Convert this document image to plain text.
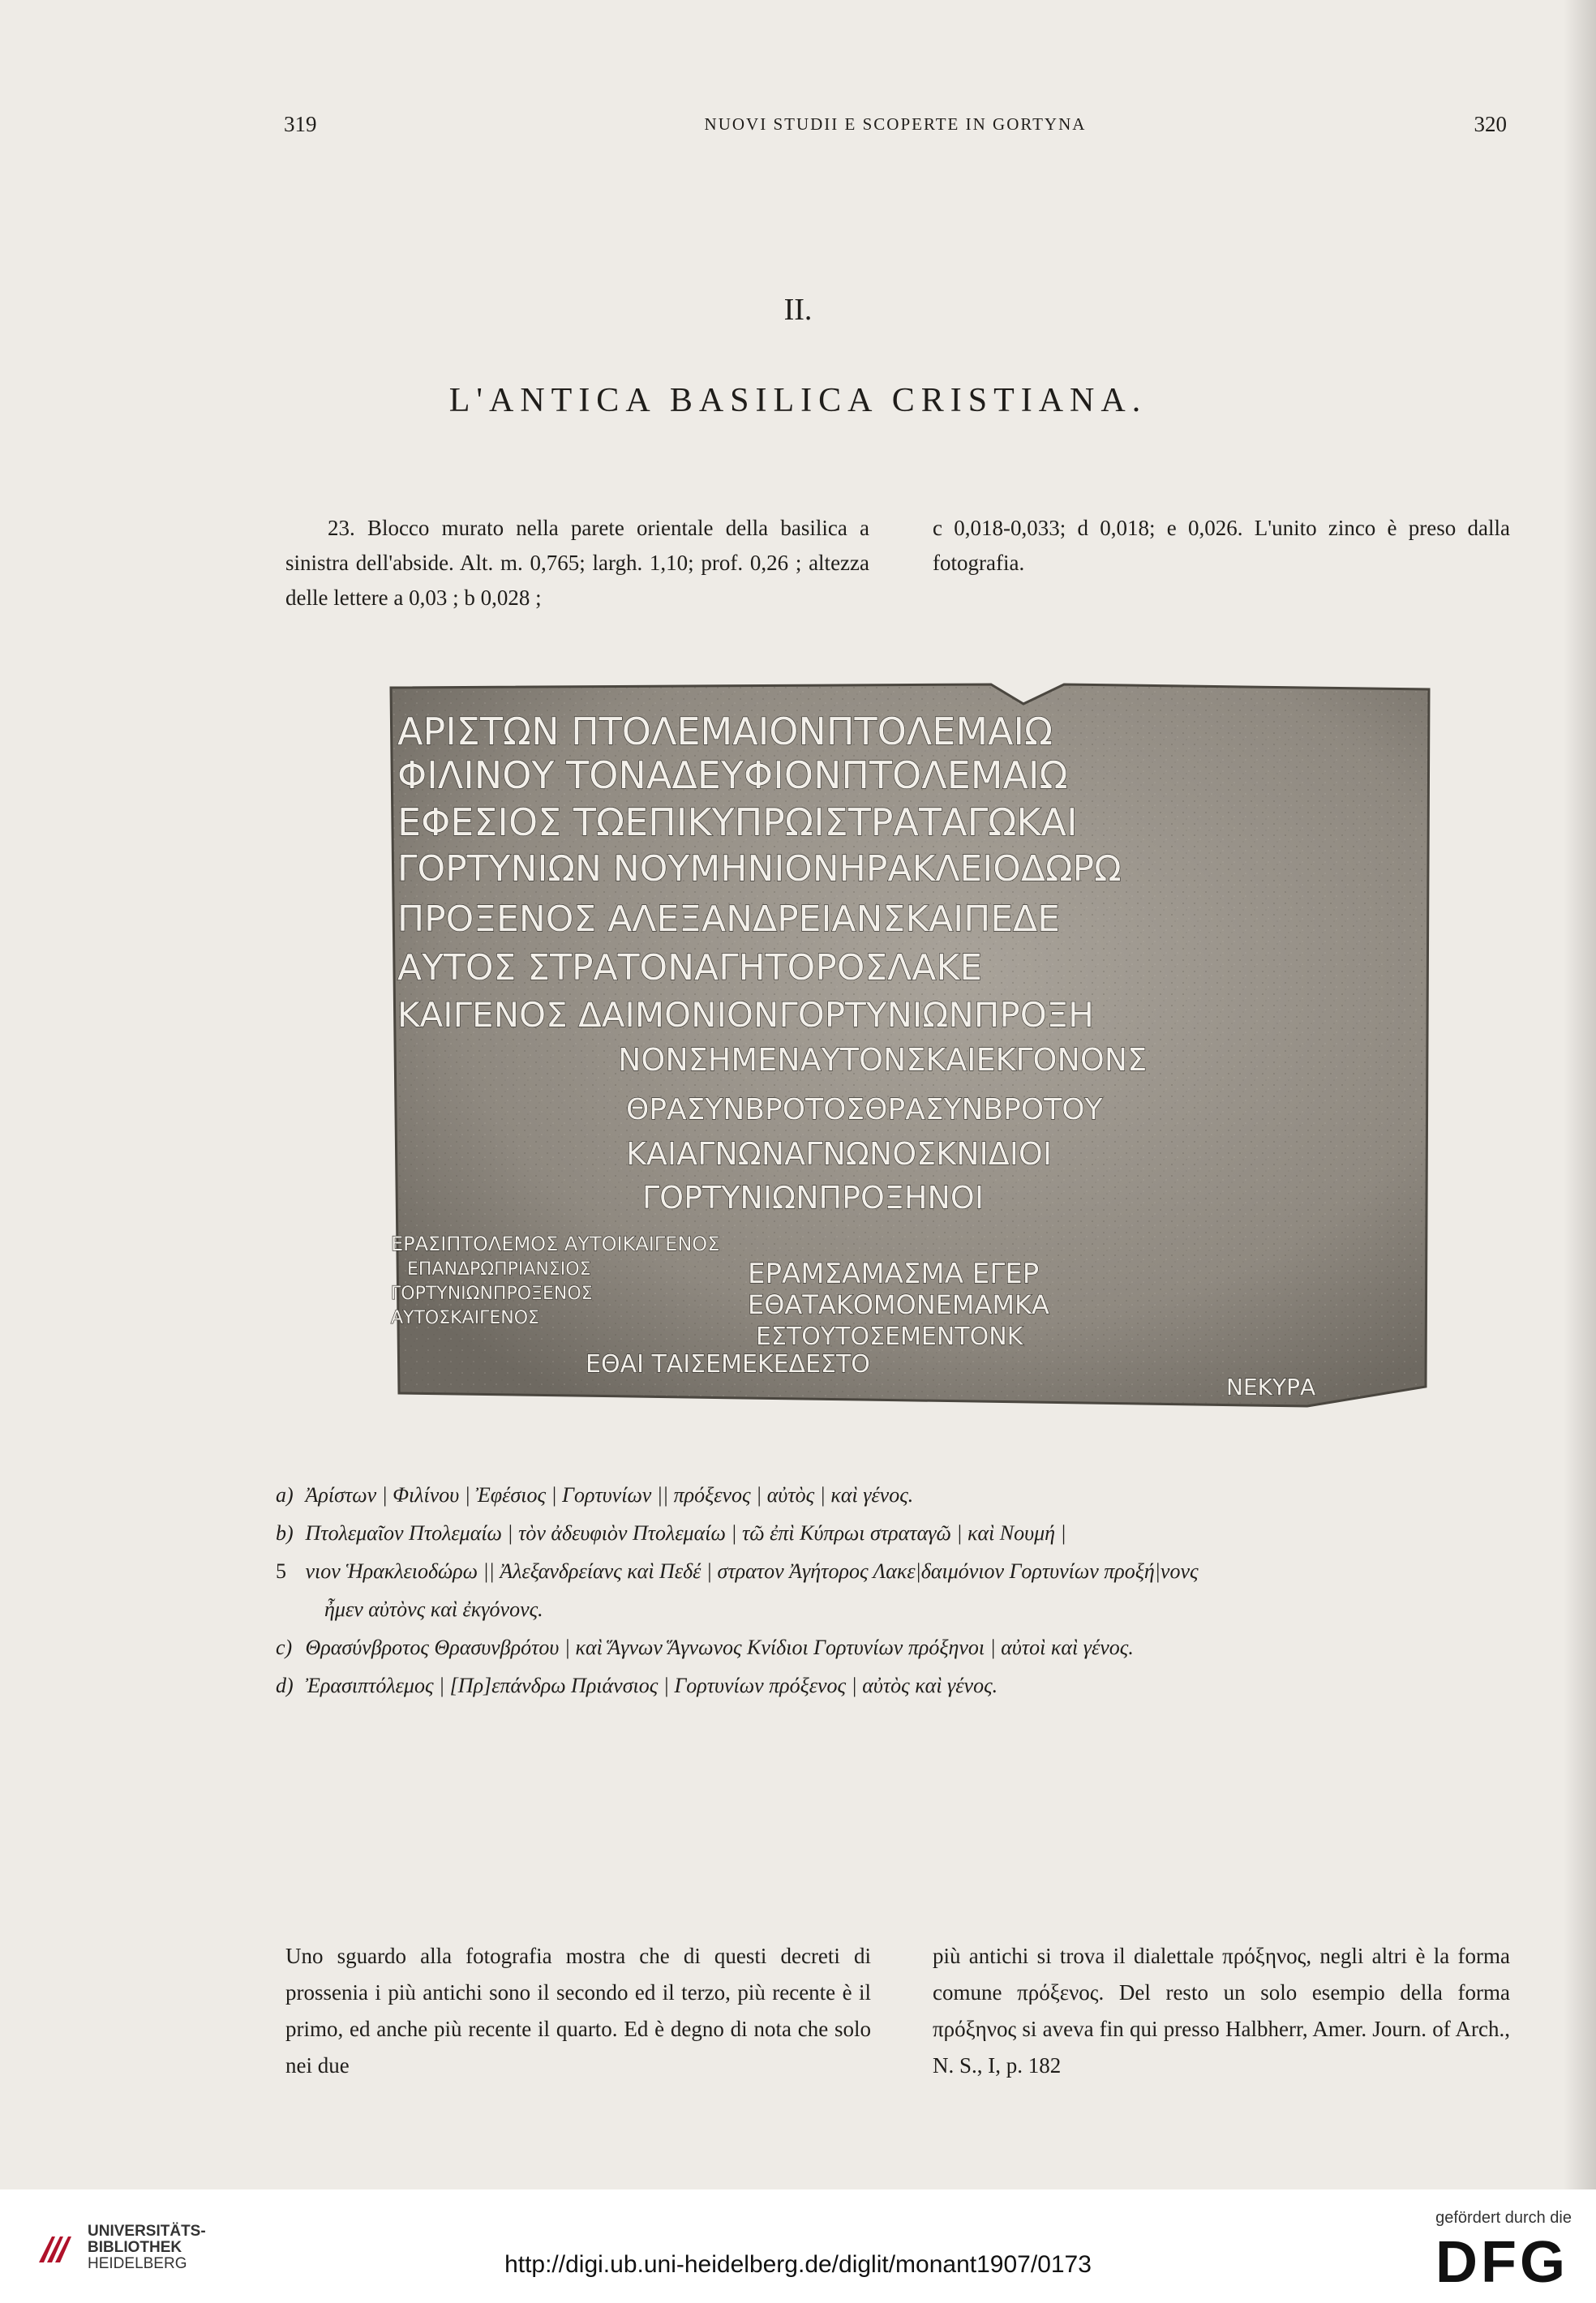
319	NUOVI STUDII E SCOPERTE IN GORTYNA	320
II.
L'ANTICA BASILICA CRISTIANA.

23. Blocco murato nella parete orientale della basilica a sinistra dell'abside. Alt. m. 0,765; largh. 1,10; prof. 0,26 ; altezza delle lettere a 0,03 ; b 0,028 ;

c 0,018-0,033; d 0,018; e 0,026. L'unito zinco è preso dalla fotografia.

ΑΡΙΣΤΩΝ ΠΤΟΛΕΜΑΙΟΝΠΤΟΛΕΜΑΙΩ
ΦΙΛΙΝΟΥ ΤΟΝΑΔΕΥΦΙΟΝΠΤΟΛΕΜΑΙΩ
ΕΦΕΣΙΟΣ ΤΩΕΠΙΚΥΠΡΩΙΣΤΡΑΤΑΓΩΚΑΙ
ΓΟΡΤΥΝΙΩΝ ΝΟΥΜΗΝΙΟΝΗΡΑΚΛΕΙΟΔΩΡΩ
ΠΡΟΞΕΝΟΣ ΑΛΕΞΑΝΔΡΕΙΑΝΣΚΑΙΠΕΔΕ
ΑΥΤΟΣ ΣΤΡΑΤΟΝΑΓΗΤΟΡΟΣΛΑΚΕ
ΚΑΙΓΕΝΟΣ ΔΑΙΜΟΝΙΟΝΓΟΡΤΥΝΙΩΝΠΡΟΞΗ
ΝΟΝΣΗΜΕΝΑΥΤΟΝΣΚΑΙΕΚΓΟΝΟΝΣ
ΘΡΑΣΥΝΒΡΟΤΟΣΘΡΑΣΥΝΒΡΟΤΟΥ
ΚΑΙΑΓΝΩΝΑΓΝΩΝΟΣΚΝΙΔΙΟΙ
ΓΟΡΤΥΝΙΩΝΠΡΟΞΗΝΟΙ
ΕΡΑΣΙΠΤΟΛΕΜΟΣ ΑΥΤΟΙΚΑΙΓΕΝΟΣ
ΕΠΑΝΔΡΩΠΡΙΑΝΣΙΟΣ
ΓΟΡΤΥΝΙΩΝΠΡΟΞΕΝΟΣ
ΑΥΤΟΣΚΑΙΓΕΝΟΣ
ΕΡΑΜΣΑΜΑΣΜΑ ΕΓΕΡ
ΕΘΑΤΑΚΟΜΟΝΕΜΑΜΚΑ
ΕΣΤΟΥΤΟΣΕΜΕΝΤΟΝΚ
ΕΘΑΙ ΤΑΙΣΕΜΕΚΕΔΕΣΤΟ
ΝΕΚΥΡΑ
a) Ἀρίστων | Φιλίνου | Ἐφέσιος | Γορτυνίων || πρόξενος | αὐτὸς | καὶ γένος.
b) Πτολεμαῖον Πτολεμαίω | τὸν ἀδευφιὸν Πτολεμαίω | τῶ ἐπὶ Κύπρωι στραταγῶ | καὶ Νουμή |
5 νιον Ἡρακλειοδώρω || Ἀλεξανδρείανς καὶ Πεδέ | στρατον Ἀγήτορος Λακε|δαιμόνιον Γορτυνίων προξή|νονς
ἦμεν αὐτὸνς καὶ ἐκγόνονς.
c) Θρασύνβροτος Θρασυνβρότου | καὶ Ἅγνων Ἅγνωνος Κνίδιοι Γορτυνίων πρόξηνοι | αὐτοὶ καὶ γένος.
d) Ἐρασιπτόλεμος | [Πρ]επάνδρω Πριάνσιος | Γορτυνίων πρόξενος | αὐτὸς καὶ γένος.

Uno sguardo alla fotografia mostra che di questi decreti di prossenia i più antichi sono il secondo ed il terzo, più recente è il primo, ed anche più recente il quarto. Ed è degno di nota che solo nei due

più antichi si trova il dialettale πρόξηνος, negli altri è la forma comune πρόξενος. Del resto un solo esempio della forma πρόξηνος si aveva fin qui presso Halbherr, Amer. Journ. of Arch., N. S., I, p. 182

UNIVERSITÄTS-
BIBLIOTHEK
HEIDELBERG	http://digi.ub.uni-heidelberg.de/diglit/monant1907/0173
gefördert durch die
DFG
